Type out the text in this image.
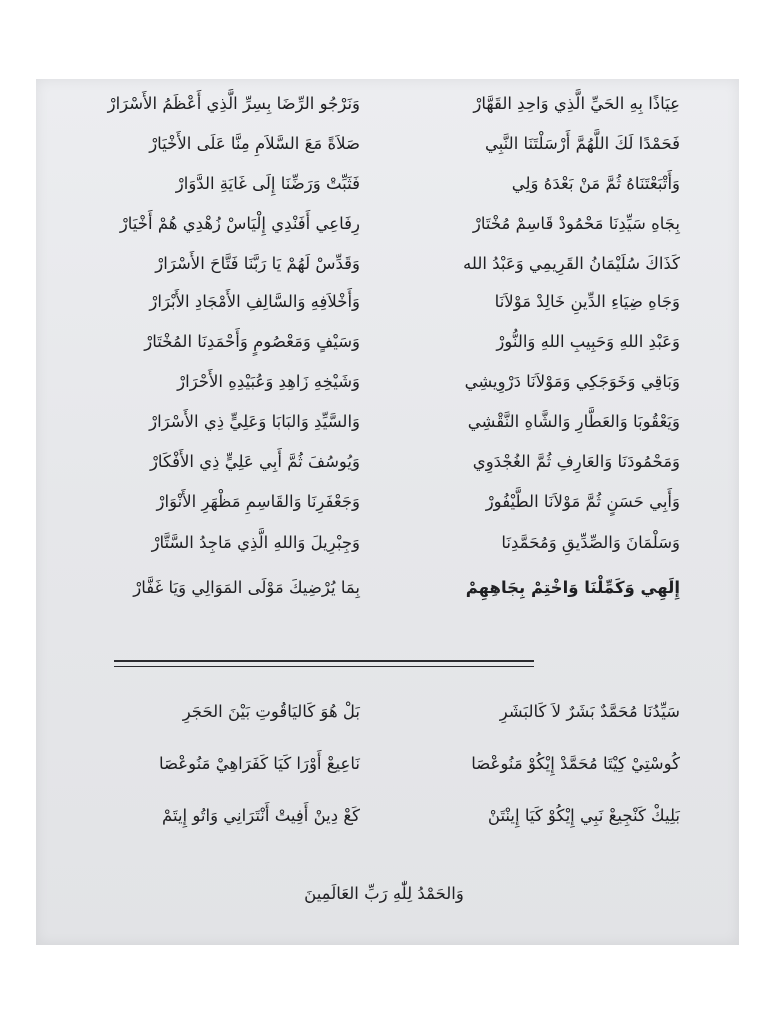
عِيَاذًا بِهِ الحَيِّ الَّذِي وَاحِدِ القَهَّارْ
وَنَرْجُو الرِّضَا بِسِرِّ الَّذِي أَعْظَمُ الأَسْرَارْ
فَحَمْدًا لَكَ اللَّهُمَّ أَرْسَلْتَنَا النَّبِي
صَلاَةً مَعَ السَّلاَمِ مِنَّا عَلَى الأَخْيَارْ
وَأَتْبَعْتَنَاهُ ثُمَّ مَنْ بَعْدَهُ وَلِي
فَثَبِّتْ وَرَضِّنَا إِلَى غَايَةِ الدَّوَارْ
بِجَاهِ سَيِّدِنَا مَحْمُودْ قَاسِمْ مُخْتَارْ
رِفَاعِي أَفَنْدِي إِلْيَاسْ زُهْدِي هُمْ أَخْيَارْ
كَذَاكَ سُلَيْمَانُ القَرِيمِي وَعَبْدُ الله
وَقَدِّسْ لَهُمْ يَا رَبَّنَا فَتَّاحَ الأَسْرَارْ
وَجَاهِ ضِيَاءِ الدِّينِ خَالِدْ مَوْلاَنَا
وَأَخْلاَفِهِ وَالسَّالِفِ الأَمْجَادِ الأَبْرَارْ
وَعَبْدِ اللهِ وَحَبِيبِ اللهِ وَالنُّورْ
وَسَيْفٍ وَمَعْصُومٍ وَأَحْمَدِنَا المُخْتَارْ
وَبَاقِي وَخَوَجَكِي وَمَوْلاَنَا دَرْوِيشِي
وَشَيْخِهِ زَاهِدِ وَعُبَيْدِهِ الأَحْرَارْ
وَيَعْقُوبَا وَالعَطَّارِ وَالشَّاهِ النَّقْشِي
وَالسَّيِّدِ وَالبَابَا وَعَلِيٍّ ذِي الأَسْرَارْ
وَمَحْمُودَنَا وَالعَارِفِ ثُمَّ الغُجْدَوِي
وَيُوسُفَ ثُمَّ أَبِي عَلِيٍّ ذِي الأَفْكَارْ
وَأَبِي حَسَنٍ ثُمَّ مَوْلاَنَا الطَّيْفُورْ
وَجَعْفَرِنَا وَالقَاسِمِ مَظْهَرِ الأَنْوَارْ
وَسَلْمَانَ وَالصِّدِّيقِ وَمُحَمَّدِنَا
وَجِبْرِيلَ وَاللهِ الَّذِي مَاجِدُ السَّتَّارْ
إِلَهِي وَكَمِّلْنَا وَاخْتِمْ بِجَاهِهِمْ
بِمَا يُرْضِيكَ مَوْلَى المَوَالِي وَيَا غَفَّارْ
سَيِّدُنَا مُحَمَّدٌ بَشَرٌ لاَ كَالبَشَرِ
بَلْ هُوَ كَاليَاقُوتِ بَيْنَ الحَجَرِ
كُوسْتِيْ كِيْتَا مُحَمَّدْ إِيْكُوْ مَنُوعْصَا
نَاعِيعْ أَوْرَا كَيَا كَفَرَاهِيْ مَنُوعْصَا
بَلِيكْ كَنْجِيعْ نَبِي إِيْكُوْ كَيَا إِينْتَنْ
كَعْ دِينْ أَفِيتْ أَنْتَرَانِي وَاتُو إِيتَمْ
وَالحَمْدُ لِلّٰهِ رَبِّ العَالَمِينَ
